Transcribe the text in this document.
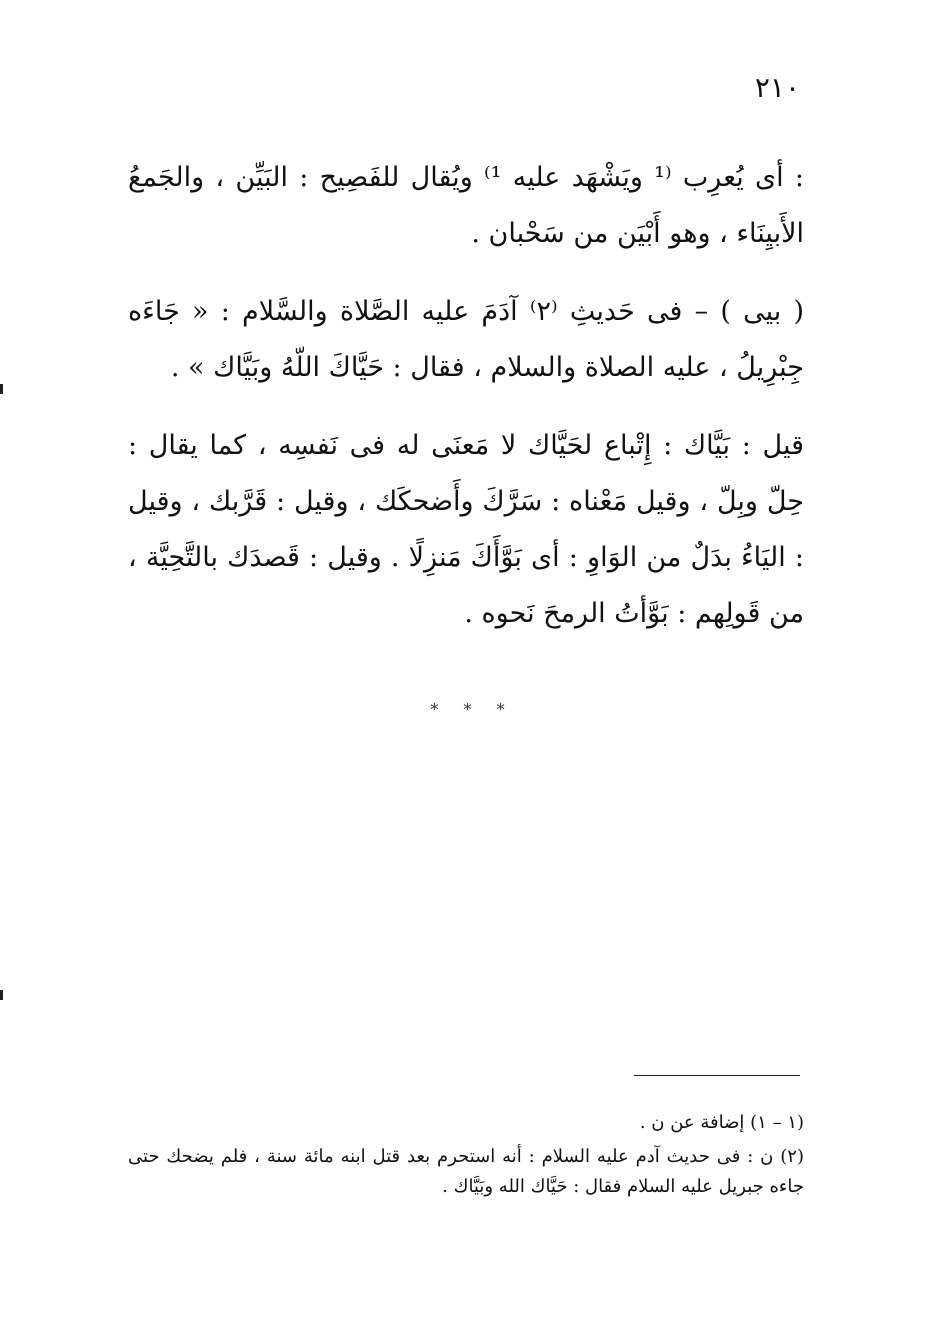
٢١٠

: أى يُعرِب ⁽¹ ويَشْهَد عليه ¹⁾ ويُقال للفَصِيح : البَيِّن ، والجَمعُ الأَبيِنَاء ، وهو أَبْيَن من سَحْبان .

( بيى ) – فى حَديثِ ⁽٢⁾ آدَمَ عليه الصَّلاة والسَّلام : « جَاءَه جِبْرِيلُ ، عليه الصلاة والسلام ، فقال : حَيَّاكَ اللّهُ وبَيَّاك » .

قيل : بَيَّاك : إِتْباع لحَيَّاك لا مَعنَى له فى نَفسِه ، كما يقال : حِلّ وبِلّ ، وقيل مَعْناه : سَرَّكَ وأَضحكَك ، وقيل : قَرَّبك ، وقيل : اليَاءُ بدَلٌ من الوَاوِ : أى بَوَّأَكَ مَنزِلًا . وقيل : قَصدَك بالتَّحِيَّة ، من قَولِهم : بَوَّأتُ الرمحَ نَحوه .

* * *

(١ – ١) إضافة عن ن .

(٢) ن : فى حديث آدم عليه السلام : أنه استحرم بعد قتل ابنه مائة سنة ، فلم يضحك حتى جاءه جبريل عليه السلام فقال : حَيَّاك الله وبَيَّاك .
